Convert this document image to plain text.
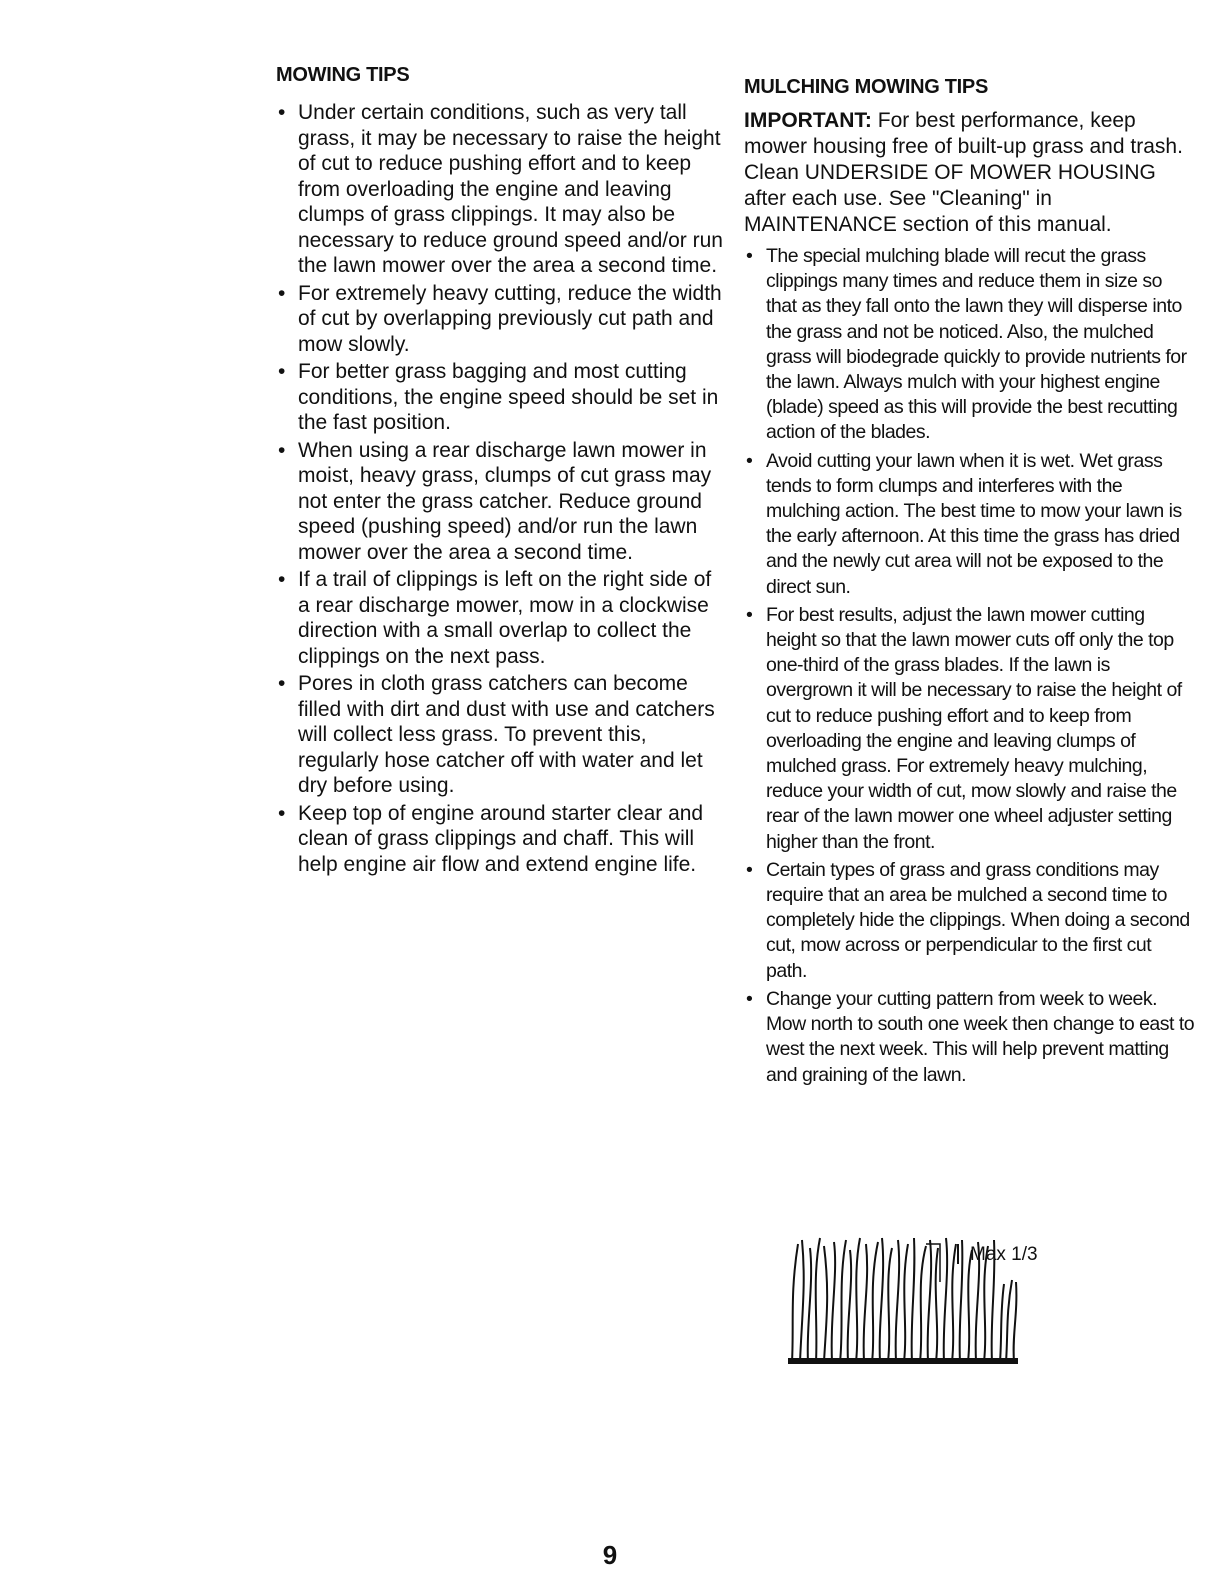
MOWING TIPS
• Under certain conditions, such as very tall grass, it may be necessary to raise the height of cut to reduce pushing effort and to keep from overloading the engine and leaving clumps of grass clippings. It may also be necessary to reduce ground speed and/or run the lawn mower over the area a second time.
• For extremely heavy cutting, reduce the width of cut by overlapping previously cut path and mow slowly.
• For better grass bagging and most cutting conditions, the engine speed should be set in the fast position.
• When using a rear discharge lawn mower in moist, heavy grass, clumps of cut grass may not enter the grass catcher. Reduce ground speed (pushing speed) and/or run the lawn mower over the area a second time.
• If a trail of clippings is left on the right side of a rear discharge mower, mow in a clockwise direction with a small overlap to collect the clippings on the next pass.
• Pores in cloth grass catchers can become filled with dirt and dust with use and catchers will collect less grass. To prevent this, regularly hose catcher off with water and let dry before using.
• Keep top of engine around starter clear and clean of grass clippings and chaff. This will help engine air flow and extend engine life.
MULCHING MOWING TIPS

IMPORTANT: For best performance, keep mower housing free of built-up grass and trash. Clean UNDERSIDE OF MOWER HOUSING after each use. See "Cleaning" in MAINTENANCE section of this manual.

• The special mulching blade will recut the grass clippings many times and reduce them in size so that as they fall onto the lawn they will disperse into the grass and not be noticed. Also, the mulched grass will biodegrade quickly to provide nutrients for the lawn. Always mulch with your highest engine (blade) speed as this will provide the best recutting action of the blades.
• Avoid cutting your lawn when it is wet. Wet grass tends to form clumps and interferes with the mulching action. The best time to mow your lawn is the early afternoon. At this time the grass has dried and the newly cut area will not be exposed to the direct sun.
• For best results, adjust the lawn mower cutting height so that the lawn mower cuts off only the top one-third of the grass blades. If the lawn is overgrown it will be necessary to raise the height of cut to reduce pushing effort and to keep from overloading the engine and leaving clumps of mulched grass. For extremely heavy mulching, reduce your width of cut, mow slowly and raise the rear of the lawn mower one wheel adjuster setting higher than the front.
• Certain types of grass and grass conditions may require that an area be mulched a second time to completely hide the clippings. When doing a second cut, mow across or perpendicular to the first cut path.
• Change your cutting pattern from week to week. Mow north to south one week then change to east to west the next week. This will help prevent matting and graining of the lawn.
Max 1/3
9
